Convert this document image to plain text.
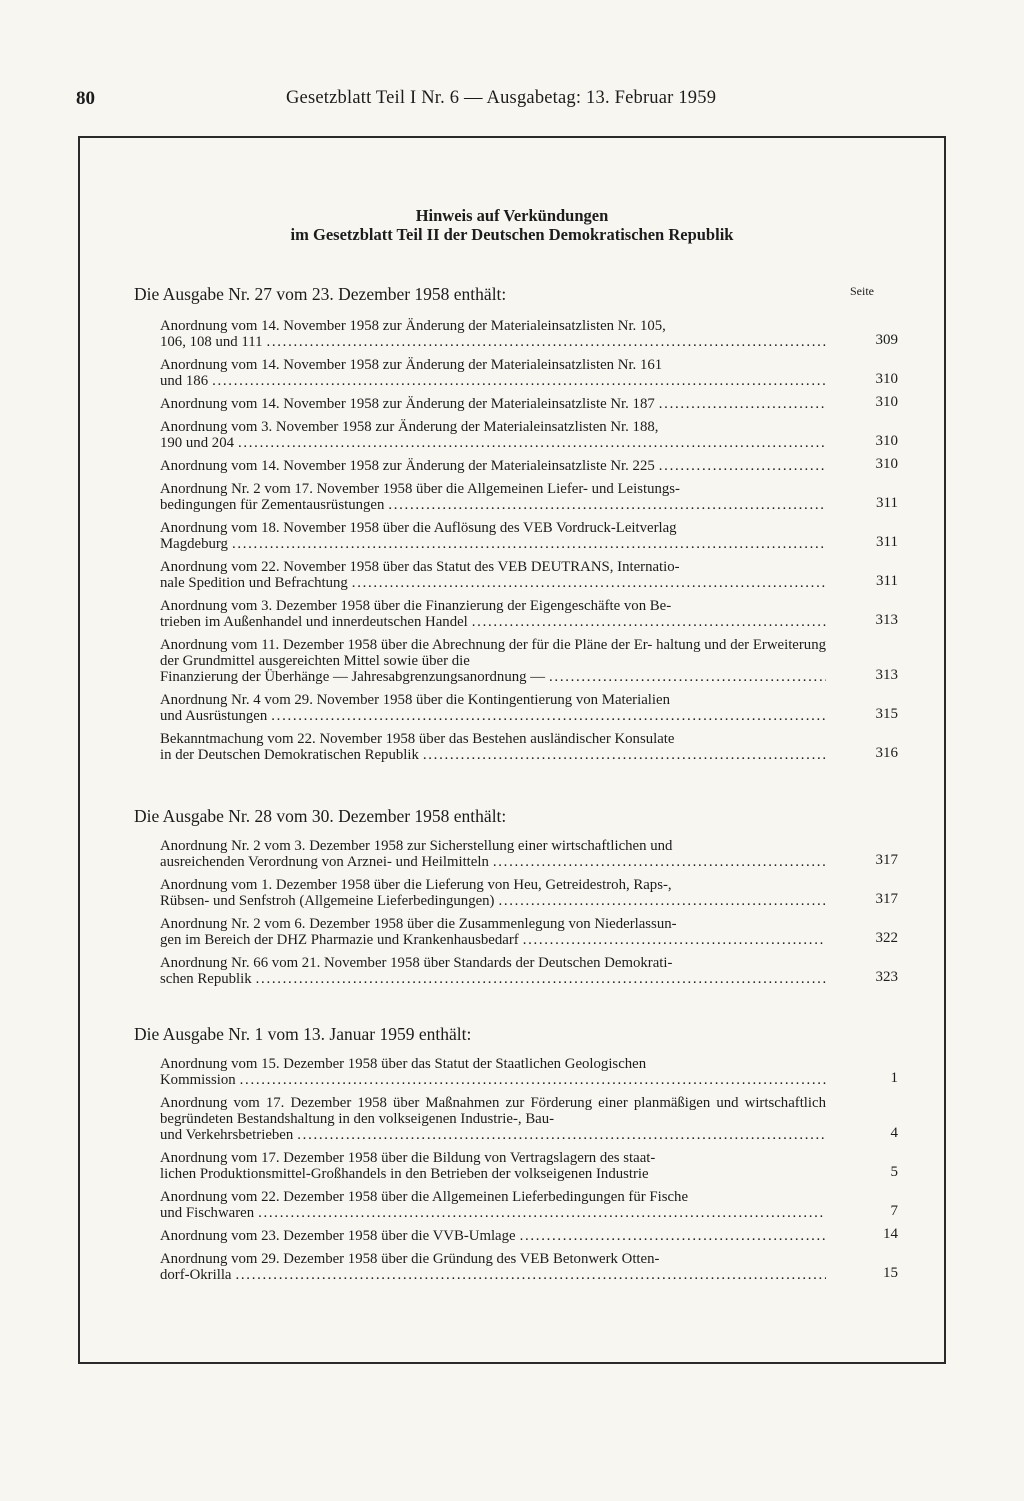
80	Gesetzblatt Teil I Nr. 6 — Ausgabetag: 13. Februar 1959
Hinweis auf Verkündungen
im Gesetzblatt Teil II der Deutschen Demokratischen Republik
Seite
Die Ausgabe Nr. 27 vom 23. Dezember 1958 enthält:
Anordnung vom 14. November 1958 zur Änderung der Materialeinsatzlisten Nr. 105,
106, 108 und 111 . . .	309
Anordnung vom 14. November 1958 zur Änderung der Materialeinsatzlisten Nr. 161
und 186 . . .	310
Anordnung vom 14. November 1958 zur Änderung der Materialeinsatzliste Nr. 187 . . .	310
Anordnung vom 3. November 1958 zur Änderung der Materialeinsatzlisten Nr. 188,
190 und 204 . . .	310
Anordnung vom 14. November 1958 zur Änderung der Materialeinsatzliste Nr. 225 . . .	310
Anordnung Nr. 2 vom 17. November 1958 über die Allgemeinen Liefer- und Leistungs-
bedingungen für Zementausrüstungen . . .	311
Anordnung vom 18. November 1958 über die Auflösung des VEB Vordruck-Leitverlag
Magdeburg . . .	311
Anordnung vom 22. November 1958 über das Statut des VEB DEUTRANS, Internatio-
nale Spedition und Befrachtung . . .	311
Anordnung vom 3. Dezember 1958 über die Finanzierung der Eigengeschäfte von Be-
trieben im Außenhandel und innerdeutschen Handel . . .	313
Anordnung vom 11. Dezember 1958 über die Abrechnung der für die Pläne der Er- haltung und der Erweiterung der Grundmittel ausgereichten Mittel sowie über die
Finanzierung der Überhänge — Jahresabgrenzungsanordnung — . . .	313
Anordnung Nr. 4 vom 29. November 1958 über die Kontingentierung von Materialien
und Ausrüstungen . . .	315
Bekanntmachung vom 22. November 1958 über das Bestehen ausländischer Konsulate
in der Deutschen Demokratischen Republik . . .	316
Die Ausgabe Nr. 28 vom 30. Dezember 1958 enthält:
Anordnung Nr. 2 vom 3. Dezember 1958 zur Sicherstellung einer wirtschaftlichen und
ausreichenden Verordnung von Arznei- und Heilmitteln . . .	317
Anordnung vom 1. Dezember 1958 über die Lieferung von Heu, Getreidestroh, Raps-,
Rübsen- und Senfstroh (Allgemeine Lieferbedingungen) . . .	317
Anordnung Nr. 2 vom 6. Dezember 1958 über die Zusammenlegung von Niederlassun-
gen im Bereich der DHZ Pharmazie und Krankenhausbedarf . . .	322
Anordnung Nr. 66 vom 21. November 1958 über Standards der Deutschen Demokrati-
schen Republik . . .	323
Die Ausgabe Nr. 1 vom 13. Januar 1959 enthält:
Anordnung vom 15. Dezember 1958 über das Statut der Staatlichen Geologischen
Kommission . . .	1
Anordnung vom 17. Dezember 1958 über Maßnahmen zur Förderung einer planmäßigen und wirtschaftlich begründeten Bestandshaltung in den volkseigenen Industrie-, Bau-
und Verkehrsbetrieben . . .	4
Anordnung vom 17. Dezember 1958 über die Bildung von Vertragslagern des staat-
lichen Produktionsmittel-Großhandels in den Betrieben der volkseigenen Industrie	5
Anordnung vom 22. Dezember 1958 über die Allgemeinen Lieferbedingungen für Fische
und Fischwaren . . .	7
Anordnung vom 23. Dezember 1958 über die VVB-Umlage . . .	14
Anordnung vom 29. Dezember 1958 über die Gründung des VEB Betonwerk Otten-
dorf-Okrilla . . .	15
